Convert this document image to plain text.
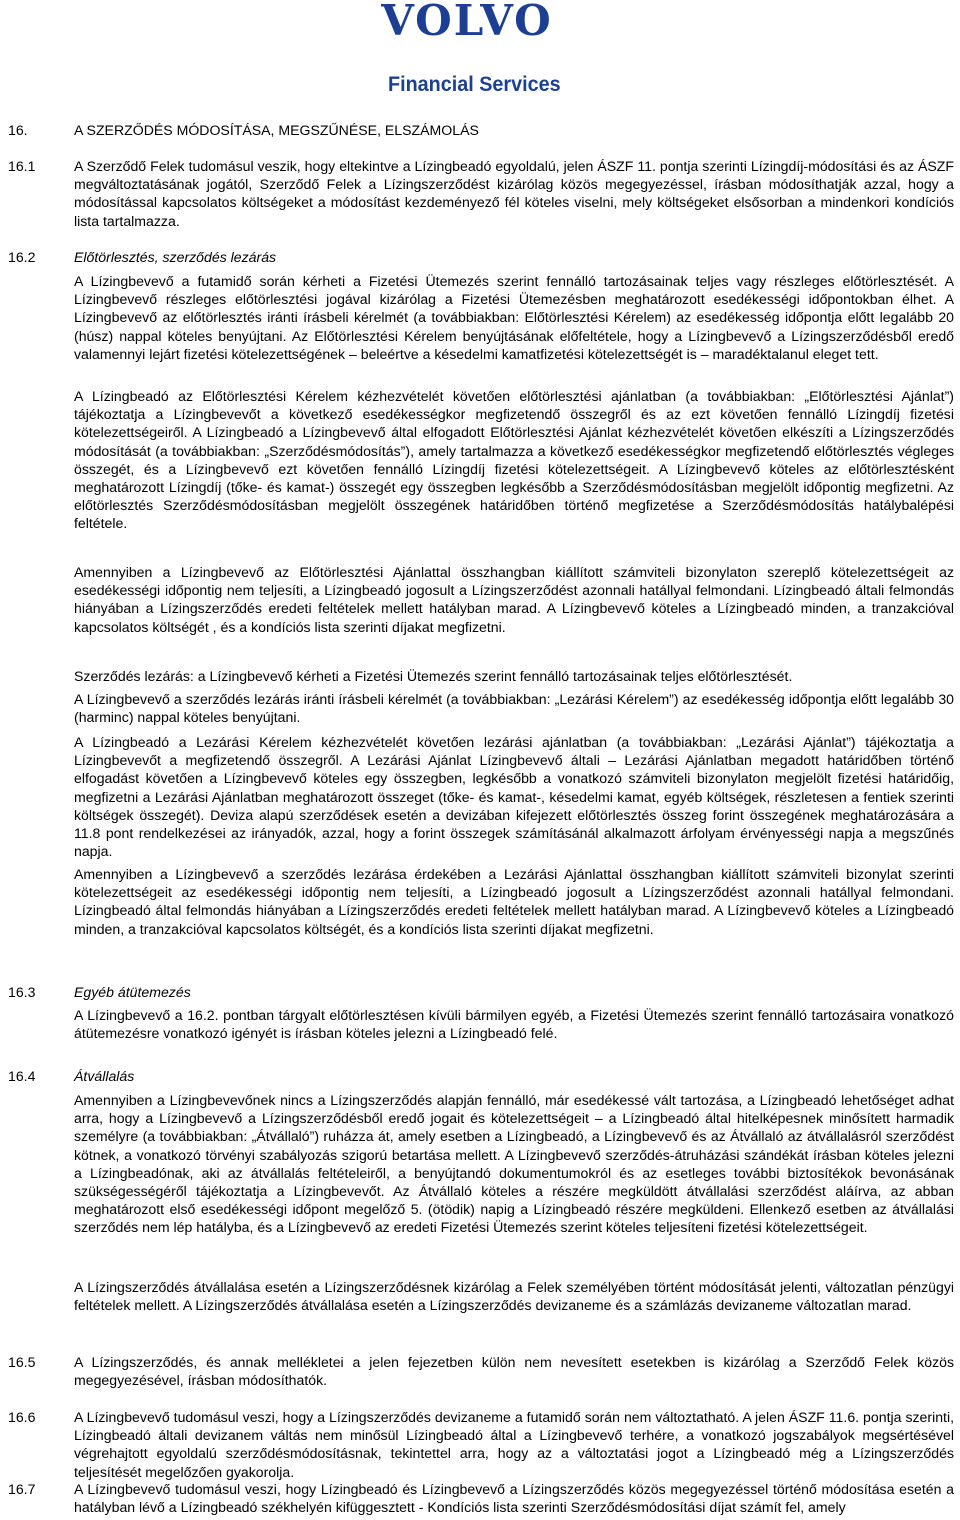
VOLVO
Financial Services
16.	A SZERZŐDÉS MÓDOSÍTÁSA, MEGSZŰNÉSE, ELSZÁMOLÁS
16.1	A Szerződő Felek tudomásul veszik, hogy eltekintve a Lízingbeadó egyoldalú, jelen ÁSZF 11. pontja szerinti Lízingdíj-módosítási és az ÁSZF megváltoztatásának jogától, Szerződő Felek a Lízingszerződést kizárólag közös megegyezéssel, írásban módosíthatják azzal, hogy a módosítással kapcsolatos költségeket a módosítást kezdeményező fél köteles viselni, mely költségeket elsősorban a mindenkori kondíciós lista tartalmazza.

16.2	Előtörlesztés, szerződés lezárás

A Lízingbevevő a futamidő során kérheti a Fizetési Ütemezés szerint fennálló tartozásainak teljes vagy részleges előtörlesztését. A Lízingbevevő részleges előtörlesztési jogával kizárólag a Fizetési Ütemezésben meghatározott esedékességi időpontokban élhet. A Lízingbevevő az előtörlesztés iránti írásbeli kérelmét (a továbbiakban: Előtörlesztési Kérelem) az esedékesség időpontja előtt legalább 20 (húsz) nappal köteles benyújtani. Az Előtörlesztési Kérelem benyújtásának előfeltétele, hogy a Lízingbevevő a Lízingszerződésből eredő valamennyi lejárt fizetési kötelezettségének – beleértve a késedelmi kamatfizetési kötelezettségét is – maradéktalanul eleget tett.

A Lízingbeadó az Előtörlesztési Kérelem kézhezvételét követően előtörlesztési ajánlatban (a továbbiakban: „Előtörlesztési Ajánlat”) tájékoztatja a Lízingbevevőt a következő esedékességkor megfizetendő összegről és az ezt követően fennálló Lízingdíj fizetési kötelezettségeiről. A Lízingbeadó a Lízingbevevő által elfogadott Előtörlesztési Ajánlat kézhezvételét követően elkészíti a Lízingszerződés módosítását (a továbbiakban: „Szerződésmódosítás”), amely tartalmazza a következő esedékességkor megfizetendő előtörlesztés végleges összegét, és a Lízingbevevő ezt követően fennálló Lízingdíj fizetési kötelezettségeit. A Lízingbevevő köteles az előtörlesztésként meghatározott Lízingdíj (tőke- és kamat-) összegét egy összegben legkésőbb a Szerződésmódosításban megjelölt időpontig megfizetni. Az előtörlesztés Szerződésmódosításban megjelölt összegének határidőben történő megfizetése a Szerződésmódosítás hatálybalépési feltétele.

Amennyiben a Lízingbevevő az Előtörlesztési Ajánlattal összhangban kiállított számviteli bizonylaton szereplő kötelezettségeit az esedékességi időpontig nem teljesíti, a Lízingbeadó jogosult a Lízingszerződést azonnali hatállyal felmondani. Lízingbeadó általi felmondás hiányában a Lízingszerződés eredeti feltételek mellett hatályban marad. A Lízingbevevő köteles a Lízingbeadó minden, a tranzakcióval kapcsolatos költségét , és a kondíciós lista szerinti díjakat megfizetni.

Szerződés lezárás: a Lízingbevevő kérheti a Fizetési Ütemezés szerint fennálló tartozásainak teljes előtörlesztését.

A Lízingbevevő a szerződés lezárás iránti írásbeli kérelmét (a továbbiakban: „Lezárási Kérelem”) az esedékesség időpontja előtt legalább 30 (harminc) nappal köteles benyújtani.

A Lízingbeadó a Lezárási Kérelem kézhezvételét követően lezárási ajánlatban (a továbbiakban: „Lezárási Ajánlat”) tájékoztatja a Lízingbevevőt a megfizetendő összegről. A Lezárási Ajánlat Lízingbevevő általi – Lezárási Ajánlatban megadott határidőben történő elfogadást követően a Lízingbevevő köteles egy összegben, legkésőbb a vonatkozó számviteli bizonylaton megjelölt fizetési határidőig, megfizetni a Lezárási Ajánlatban meghatározott összeget (tőke- és kamat-, késedelmi kamat, egyéb költségek, részletesen a fentiek szerinti költségek összegét). Deviza alapú szerződések esetén a devizában kifejezett előtörlesztés összeg forint összegének meghatározására a 11.8 pont rendelkezései az irányadók, azzal, hogy a forint összegek számításánál alkalmazott árfolyam érvényességi napja a megszűnés napja.

Amennyiben a Lízingbevevő a szerződés lezárása érdekében a Lezárási Ajánlattal összhangban kiállított számviteli bizonylat szerinti kötelezettségeit az esedékességi időpontig nem teljesíti, a Lízingbeadó jogosult a Lízingszerződést azonnali hatállyal felmondani. Lízingbeadó által felmondás hiányában a Lízingszerződés eredeti feltételek mellett hatályban marad. A Lízingbevevő köteles a Lízingbeadó minden, a tranzakcióval kapcsolatos költségét, és a kondíciós lista szerinti díjakat megfizetni.

16.3	Egyéb átütemezés

A Lízingbevevő a 16.2. pontban tárgyalt előtörlesztésen kívüli bármilyen egyéb, a Fizetési Ütemezés szerint fennálló tartozásaira vonatkozó átütemezésre vonatkozó igényét is írásban köteles jelezni a Lízingbeadó felé.

16.4	Átvállalás

Amennyiben a Lízingbevevőnek nincs a Lízingszerződés alapján fennálló, már esedékessé vált tartozása, a Lízingbeadó lehetőséget adhat arra, hogy a Lízingbevevő a Lízingszerződésből eredő jogait és kötelezettségeit – a Lízingbeadó által hitelképesnek minősített harmadik személyre (a továbbiakban: „Átvállaló”) ruházza át, amely esetben a Lízingbeadó, a Lízingbevevő és az Átvállaló az átvállalásról szerződést kötnek, a vonatkozó törvényi szabályozás szigorú betartása mellett. A Lízingbevevő szerződés-átruházási szándékát írásban köteles jelezni a Lízingbeadónak, aki az átvállalás feltételeiről, a benyújtandó dokumentumokról és az esetleges további biztosítékok bevonásának szükségességéről tájékoztatja a Lízingbevevőt. Az Átvállaló köteles a részére megküldött átvállalási szerződést aláírva, az abban meghatározott első esedékességi időpont megelőző 5. (ötödik) napig a Lízingbeadó részére megküldeni. Ellenkező esetben az átvállalási szerződés nem lép hatályba, és a Lízingbevevő az eredeti Fizetési Ütemezés szerint köteles teljesíteni fizetési kötelezettségeit.

A Lízingszerződés átvállalása esetén a Lízingszerződésnek kizárólag a Felek személyében történt módosítását jelenti, változatlan pénzügyi feltételek mellett. A Lízingszerződés átvállalása esetén a Lízingszerződés devizaneme és a számlázás devizaneme változatlan marad.

16.5	A Lízingszerződés, és annak mellékletei a jelen fejezetben külön nem nevesített esetekben is kizárólag a Szerződő Felek közös megegyezésével, írásban módosíthatók.

16.6	A Lízingbevevő tudomásul veszi, hogy a Lízingszerződés devizaneme a futamidő során nem változtatható. A jelen ÁSZF 11.6. pontja szerinti, Lízingbeadó általi devizanem váltás nem minősül Lízingbeadó által a Lízingbevevő terhére, a vonatkozó jogszabályok megsértésével végrehajtott egyoldalú szerződésmódosításnak, tekintettel arra, hogy az a változtatási jogot a Lízingbeadó még a Lízingszerződés teljesítését megelőzően gyakorolja.

16.7	A Lízingbevevő tudomásul veszi, hogy Lízingbeadó és Lízingbevevő a Lízingszerződés közös megegyezéssel történő módosítása esetén a hatályban lévő a Lízingbeadó székhelyén kifüggesztett - Kondíciós lista szerinti Szerződésmódosítási díjat számít fel, amely
